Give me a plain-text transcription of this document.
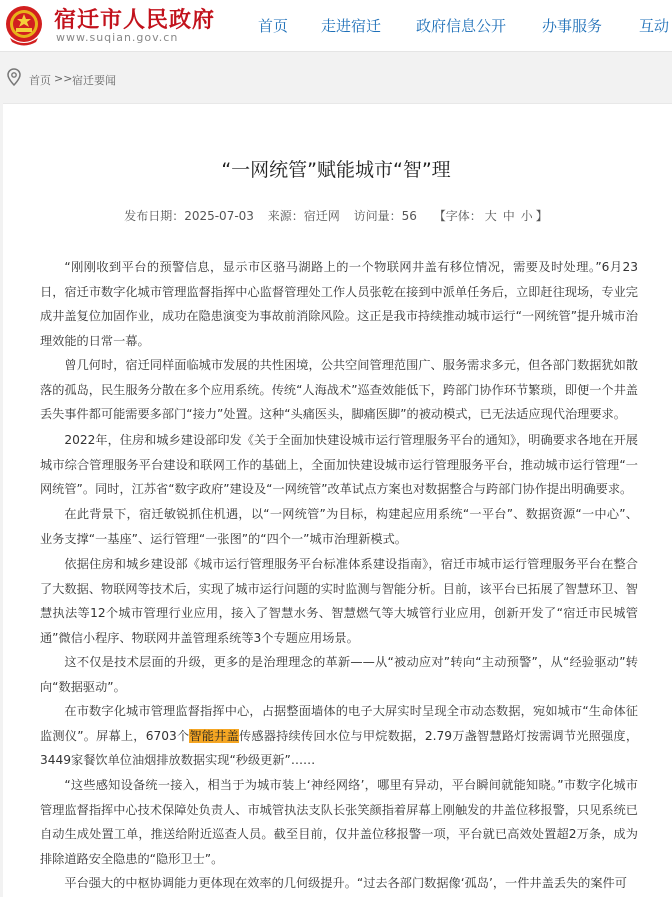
宿迁市人民政府
www.suqian.gov.cn
首页 走进宿迁 政府信息公开 办事服务 互动
首页 >> 宿迁要闻
“一网统管”赋能城市“智”理
发布日期：2025-07-03 来源：宿迁网 访问量：56 【字体： 大 中 小 】

“刚刚收到平台的预警信息，显示市区骆马湖路上的一个物联网井盖有移位情况，需要及时处理。”6月23日，宿迁市数字化城市管理监督指挥中心监督管理处工作人员张乾在接到中派单任务后，立即赶往现场，专业完成井盖复位加固作业，成功在隐患演变为事故前消除风险。这正是我市持续推动城市运行“一网统管”提升城市治理效能的日常一幕。

曾几何时，宿迁同样面临城市发展的共性困境，公共空间管理范围广、服务需求多元，但各部门数据犹如散落的孤岛，民生服务分散在多个应用系统。传统“人海战术”巡查效能低下，跨部门协作环节繁琐，即便一个井盖丢失事件都可能需要多部门“接力”处置。这种“头痛医头，脚痛医脚”的被动模式，已无法适应现代治理要求。

2022年，住房和城乡建设部印发《关于全面加快建设城市运行管理服务平台的通知》，明确要求各地在开展城市综合管理服务平台建设和联网工作的基础上，全面加快建设城市运行管理服务平台，推动城市运行管理“一网统管”。同时，江苏省“数字政府”建设及“一网统管”改革试点方案也对数据整合与跨部门协作提出明确要求。

在此背景下，宿迁敏锐抓住机遇，以“一网统管”为目标，构建起应用系统“一平台”、数据资源“一中心”、业务支撑“一基座”、运行管理“一张图”的“四个一”城市治理新模式。

依据住房和城乡建设部《城市运行管理服务平台标准体系建设指南》，宿迁市城市运行管理服务平台在整合了大数据、物联网等技术后，实现了城市运行问题的实时监测与智能分析。目前，该平台已拓展了智慧环卫、智慧执法等12个城市管理行业应用，接入了智慧水务、智慧燃气等大城管行业应用，创新开发了“宿迁市民城管通”微信小程序、物联网井盖管理系统等3个专题应用场景。

这不仅是技术层面的升级，更多的是治理理念的革新——从“被动应对”转向“主动预警”，从“经验驱动”转向“数据驱动”。

在市数字化城市管理监督指挥中心，占据整面墙体的电子大屏实时呈现全市动态数据，宛如城市“生命体征监测仪”。屏幕上，6703个智能井盖传感器持续传回水位与甲烷数据，2.79万盏智慧路灯按需调节光照强度，3449家餐饮单位油烟排放数据实现“秒级更新”……

“这些感知设备统一接入，相当于为城市装上‘神经网络’，哪里有异动，平台瞬间就能知晓。”市数字化城市管理监督指挥中心技术保障处负责人、市城管执法支队长张笑颜指着屏幕上刚触发的井盖位移报警，只见系统已自动生成处置工单，推送给附近巡查人员。截至目前，仅井盖位移报警一项，平台就已高效处置超2万条，成为排除道路安全隐患的“隐形卫士”。

平台强大的中枢协调能力更体现在效率的几何级提升。“过去各部门数据像‘孤岛’，一件井盖丢失的案件可
